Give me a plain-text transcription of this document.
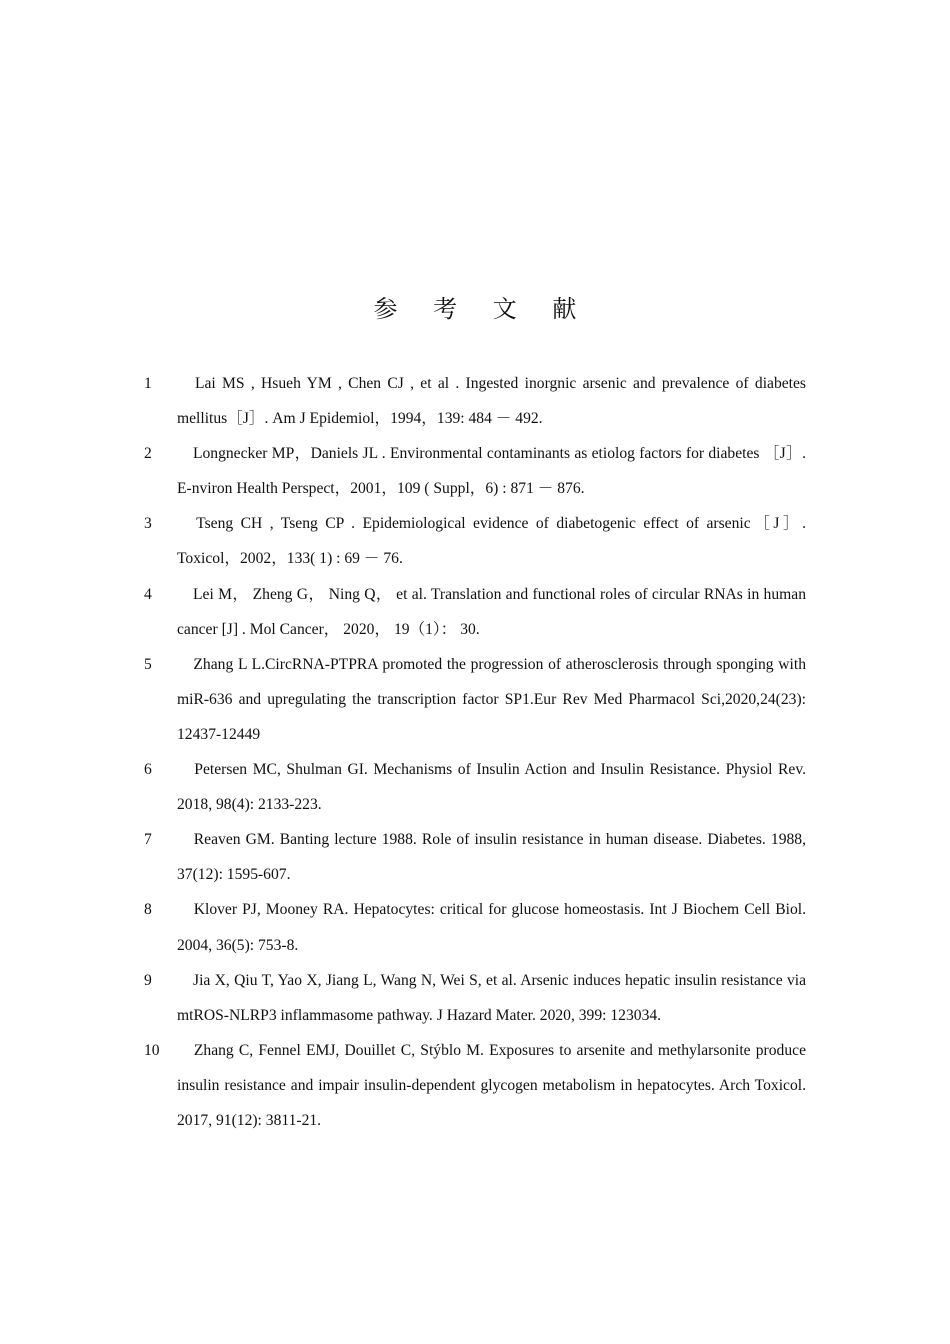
参 考 文 献
1	　Lai MS , Hsueh YM , Chen CJ , et al . Ingested inorgnic arsenic and prevalence of diabetes mellitus［J］. Am J Epidemiol，1994，139: 484 － 492.
2	　Longnecker MP，Daniels JL . Environmental contaminants as etiolog factors for diabetes ［J］. E-nviron Health Perspect，2001，109 ( Suppl，6) : 871 － 876.
3	　Tseng CH , Tseng CP . Epidemiological evidence of diabetogenic effect of arsenic［J］. Toxicol，2002，133( 1) : 69 － 76.
4	　Lei M， Zheng G， Ning Q， et al. Translation and functional roles of circular RNAs in human cancer [J] . Mol Cancer， 2020， 19（1）： 30.
5	　Zhang L L.CircRNA-PTPRA promoted the progression of atherosclerosis through sponging with miR-636 and upregulating the transcription factor SP1.Eur Rev Med Pharmacol Sci,2020,24(23): 12437-12449
6	　Petersen MC, Shulman GI. Mechanisms of Insulin Action and Insulin Resistance. Physiol Rev. 2018, 98(4): 2133-223.
7	　Reaven GM. Banting lecture 1988. Role of insulin resistance in human disease. Diabetes. 1988, 37(12): 1595-607.
8	　Klover PJ, Mooney RA. Hepatocytes: critical for glucose homeostasis. Int J Biochem Cell Biol. 2004, 36(5): 753-8.
9	　Jia X, Qiu T, Yao X, Jiang L, Wang N, Wei S, et al. Arsenic induces hepatic insulin resistance via mtROS-NLRP3 inflammasome pathway. J Hazard Mater. 2020, 399: 123034.
10	　Zhang C, Fennel EMJ, Douillet C, Stýblo M. Exposures to arsenite and methylarsonite produce insulin resistance and impair insulin-dependent glycogen metabolism in hepatocytes. Arch Toxicol. 2017, 91(12): 3811-21.
